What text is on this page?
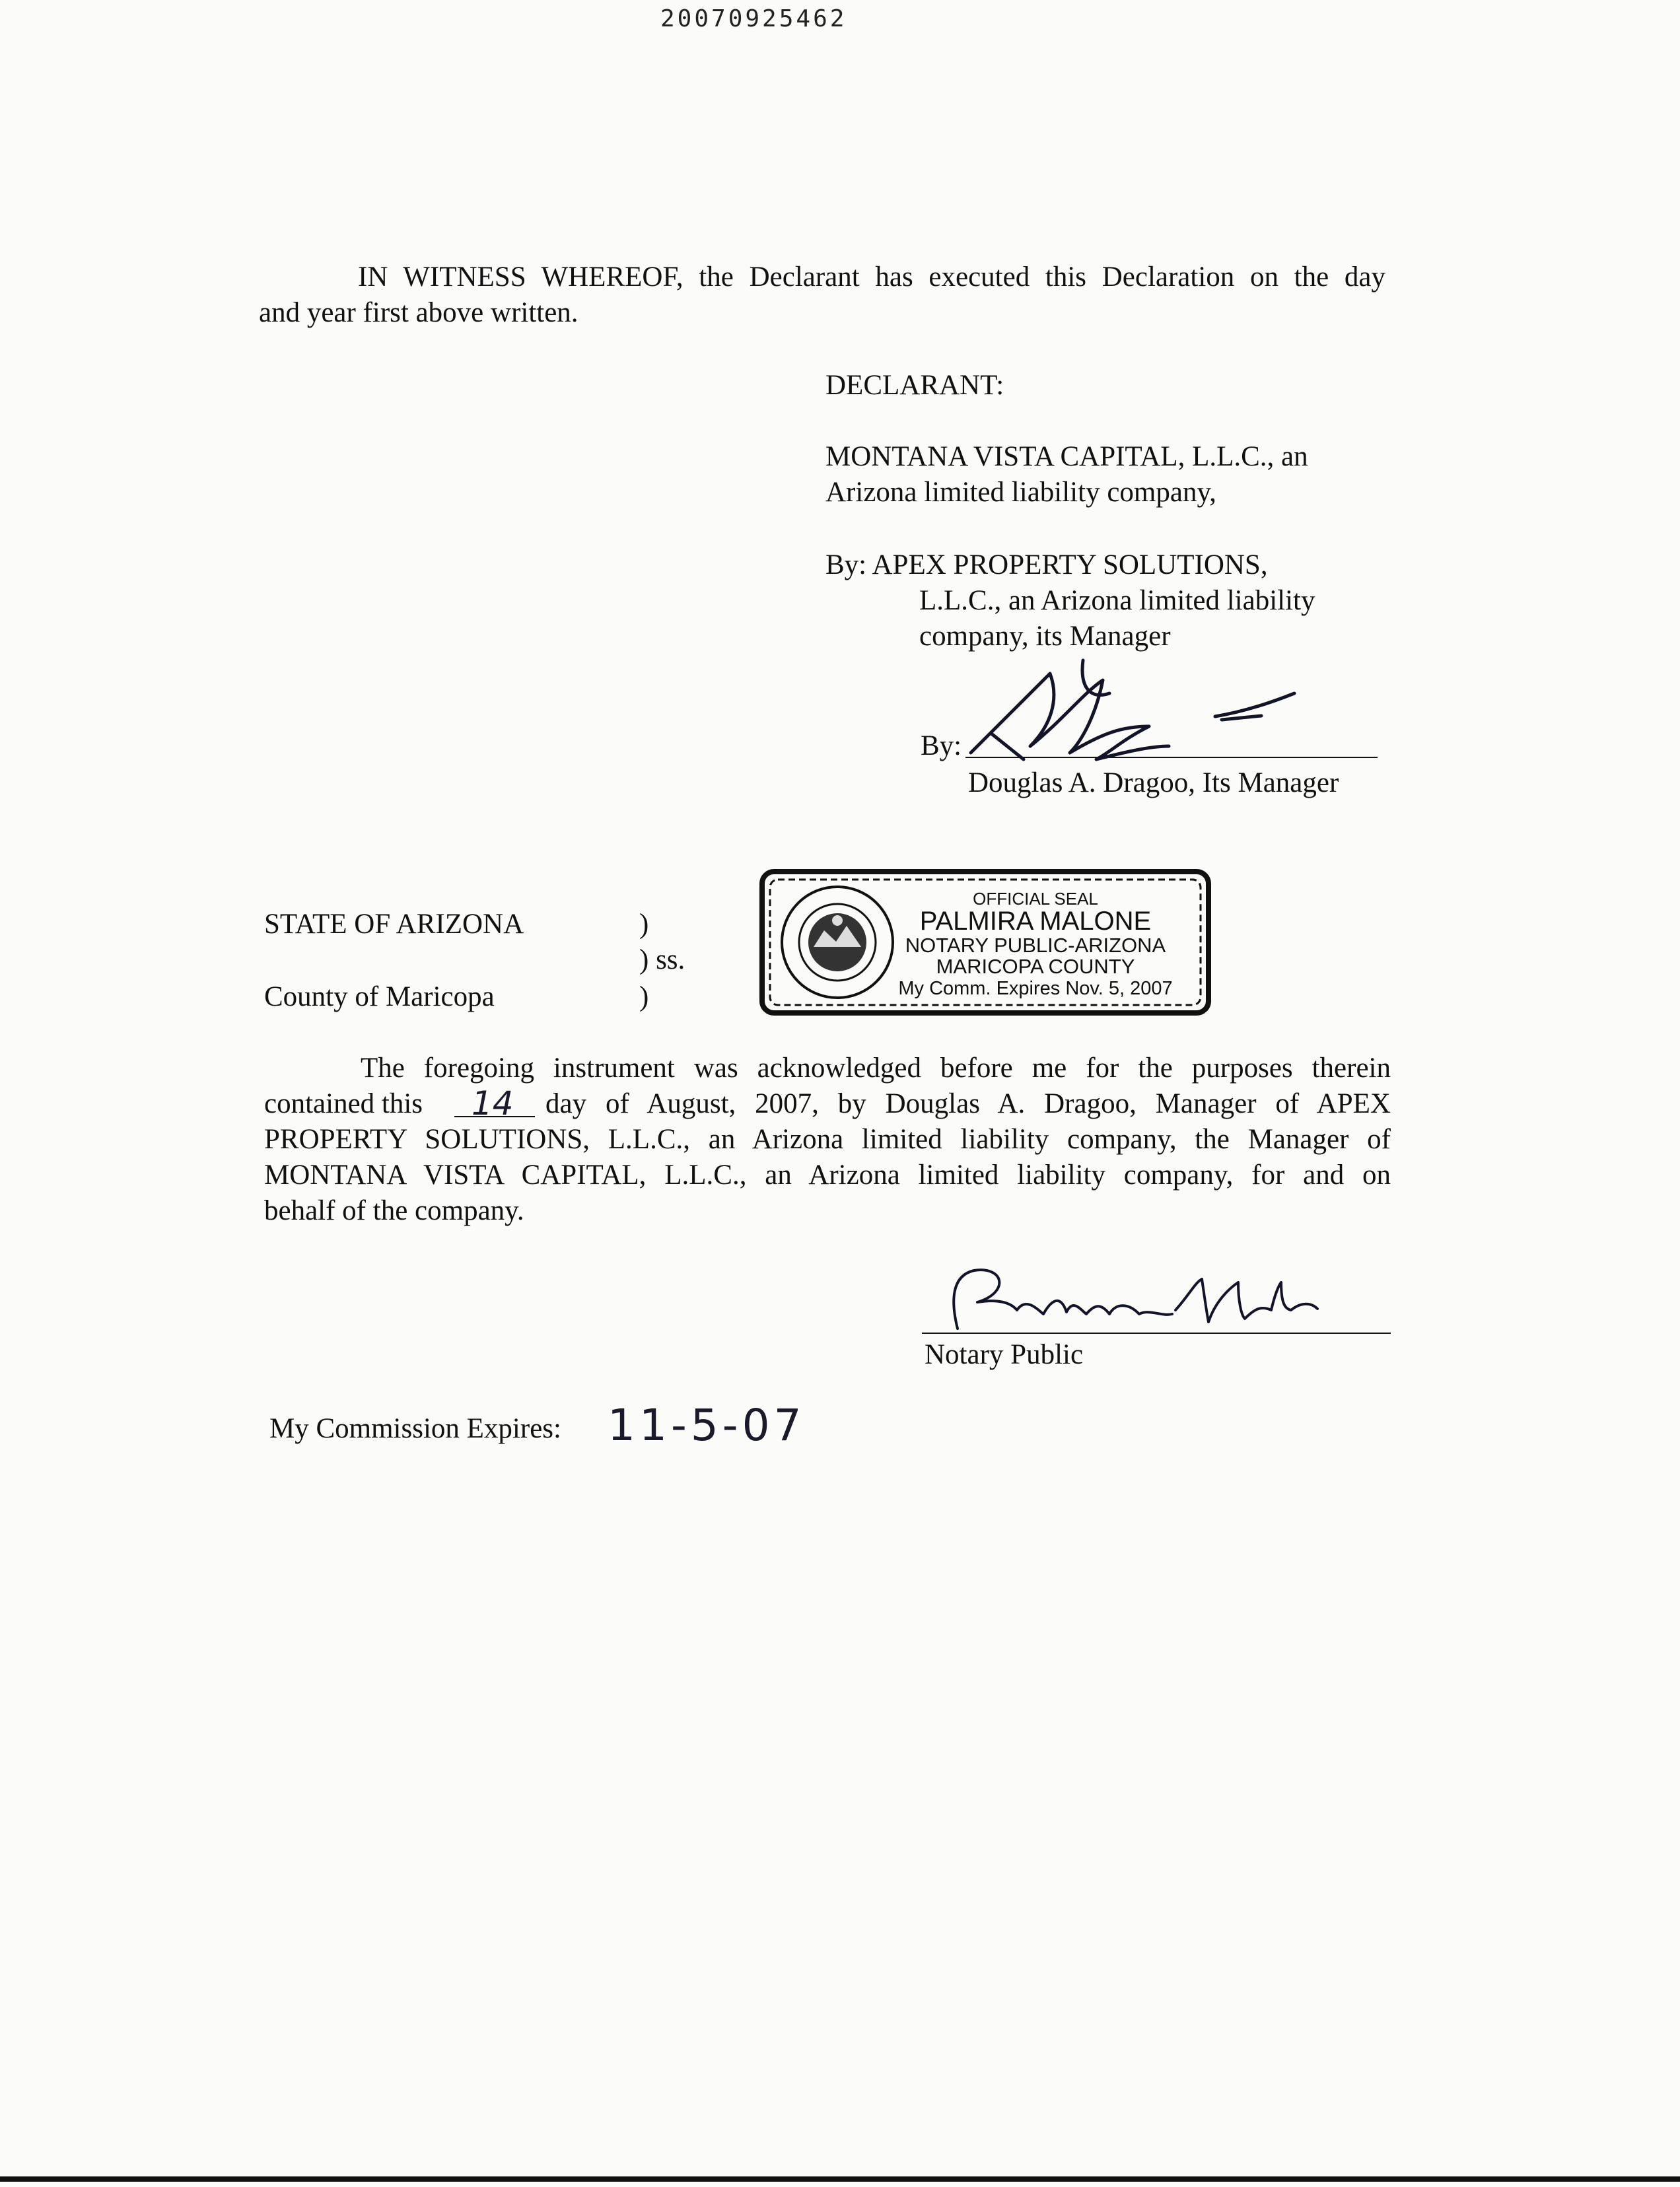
20070925462
IN WITNESS WHEREOF, the Declarant has executed this Declaration on the day
and year first above written.
DECLARANT:
MONTANA VISTA CAPITAL, L.L.C., an
Arizona limited liability company,
By: APEX PROPERTY SOLUTIONS,
L.L.C., an Arizona limited liability
company, its Manager
By:
Douglas A. Dragoo, Its Manager
STATE OF ARIZONA	)
) ss.
County of Maricopa	)
OFFICIAL SEAL
PALMIRA MALONE
NOTARY PUBLIC-ARIZONA
MARICOPA COUNTY
My Comm. Expires Nov. 5, 2007
The foregoing instrument was acknowledged before me for the purposes therein
contained this 14 day of August, 2007, by Douglas A. Dragoo, Manager of APEX
PROPERTY SOLUTIONS, L.L.C., an Arizona limited liability company, the Manager of
MONTANA VISTA CAPITAL, L.L.C., an Arizona limited liability company, for and on
behalf of the company.
Notary Public
My Commission Expires: 11-5-07
